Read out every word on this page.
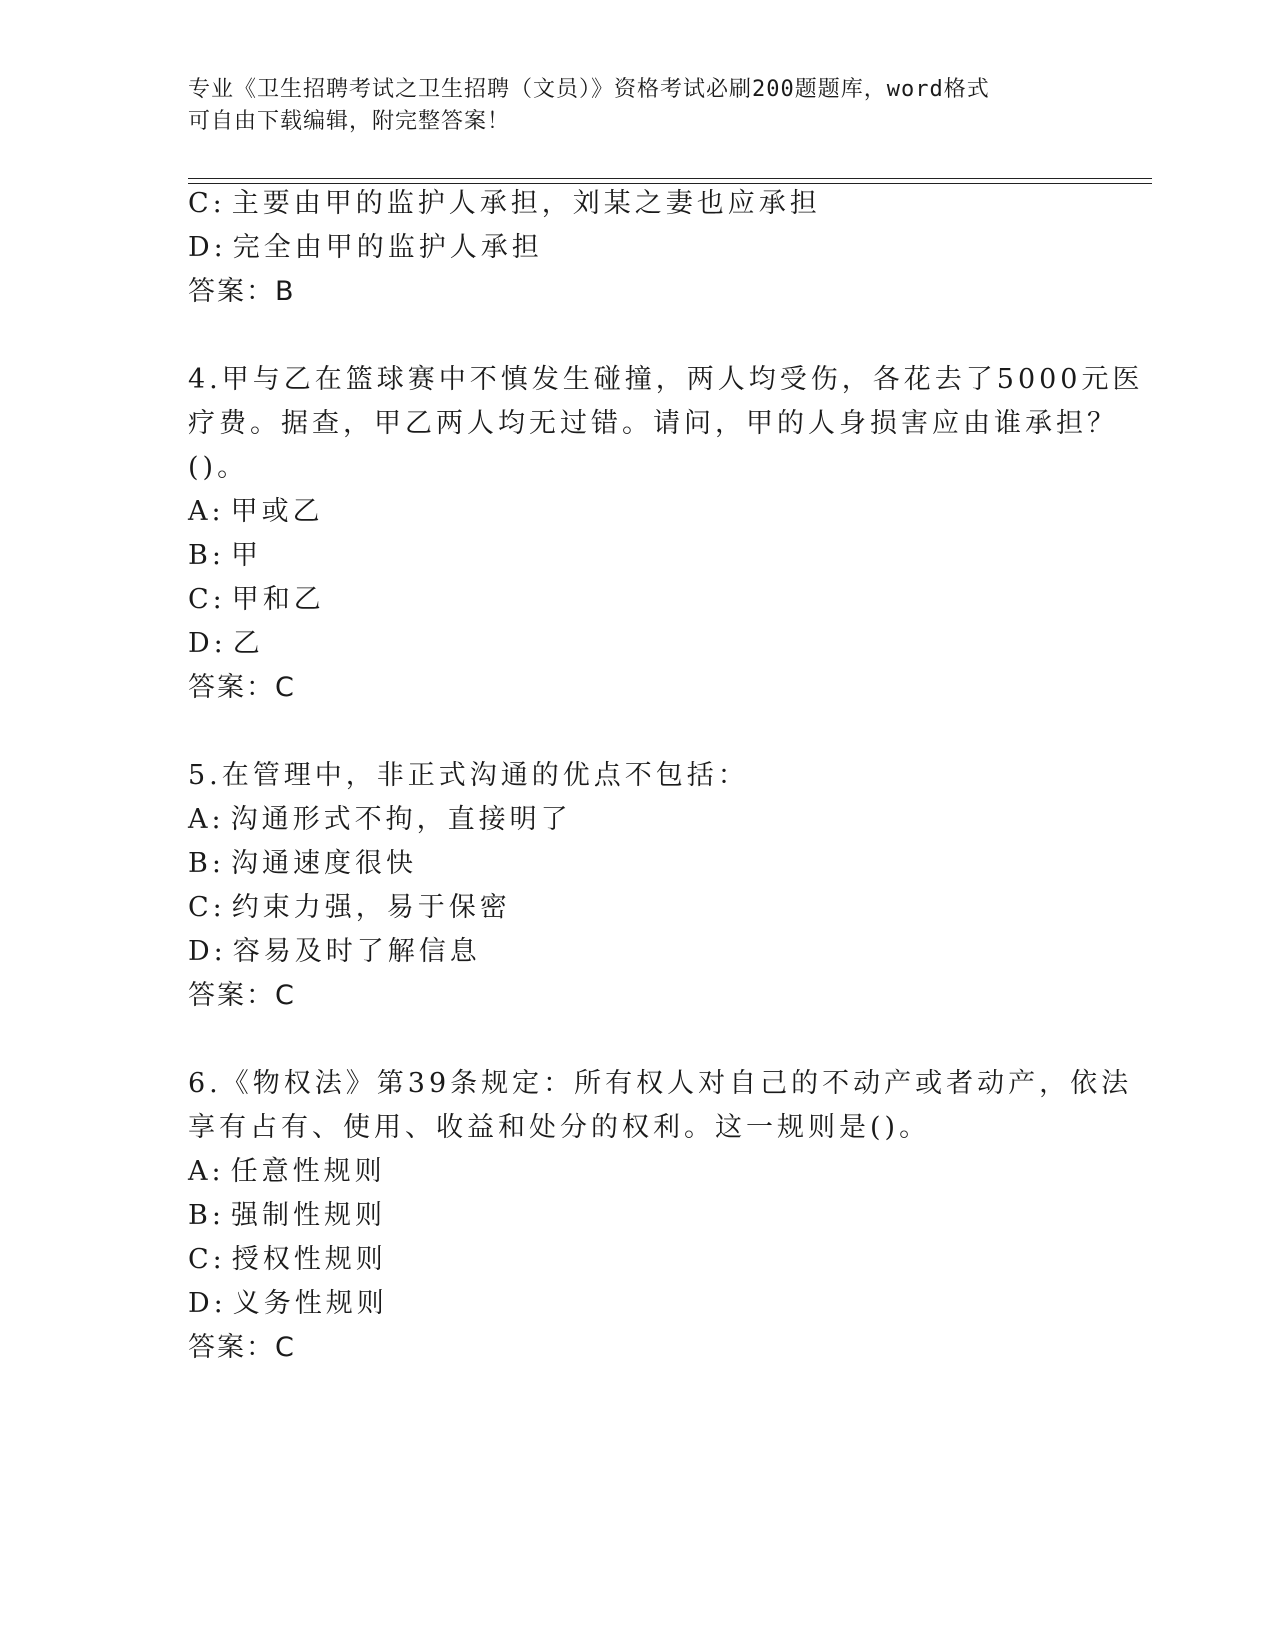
专业《卫生招聘考试之卫生招聘（文员）》资格考试必刷200题题库，word格式
可自由下载编辑，附完整答案！
C: 主要由甲的监护人承担，刘某之妻也应承担
D: 完全由甲的监护人承担
答案：B
4.甲与乙在篮球赛中不慎发生碰撞，两人均受伤，各花去了5000元医
疗费。据查，甲乙两人均无过错。请问，甲的人身损害应由谁承担？
()。
A: 甲或乙
B: 甲
C: 甲和乙
D: 乙
答案：C
5.在管理中，非正式沟通的优点不包括：
A: 沟通形式不拘，直接明了
B: 沟通速度很快
C: 约束力强，易于保密
D: 容易及时了解信息
答案：C
6.《物权法》第39条规定：所有权人对自己的不动产或者动产，依法
享有占有、使用、收益和处分的权利。这一规则是()。
A: 任意性规则
B: 强制性规则
C: 授权性规则
D: 义务性规则
答案：C
